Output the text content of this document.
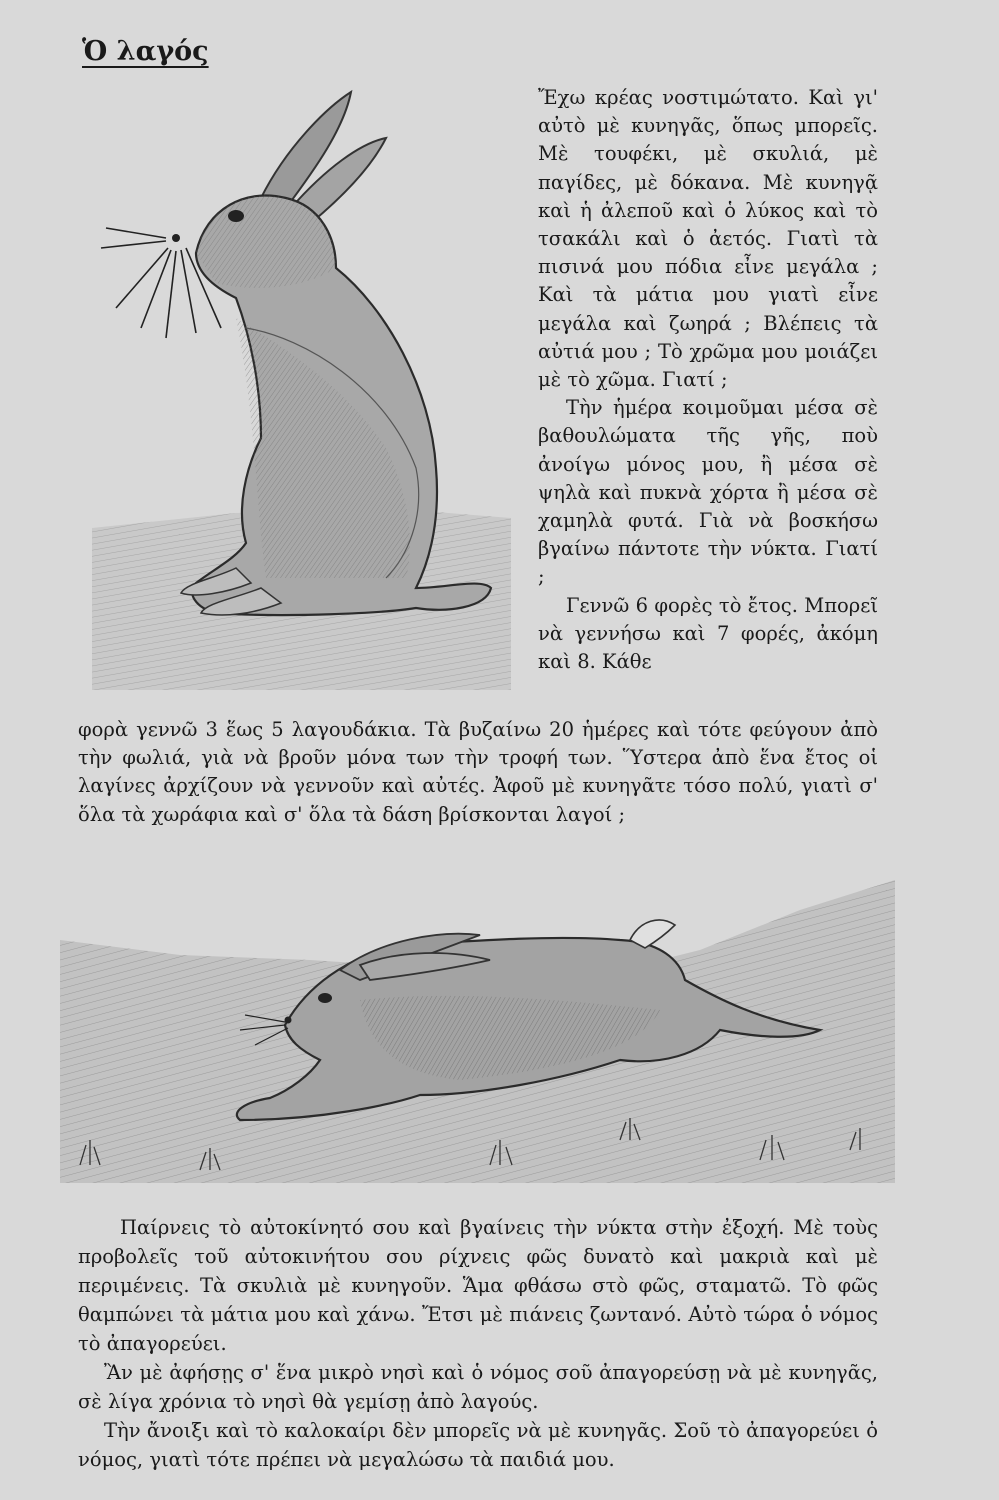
Ὁ λαγός

Ἔχω κρέας νοστιμώτατο. Καὶ γι' αὐτὸ μὲ κυνηγᾶς, ὅπως μπορεῖς. Μὲ τουφέκι, μὲ σκυλιά, μὲ παγίδες, μὲ δόκανα. Μὲ κυνηγᾷ καὶ ἡ ἀλεποῦ καὶ ὁ λύκος καὶ τὸ τσακάλι καὶ ὁ ἀετός. Γιατὶ τὰ πισινά μου πόδια εἶνε μεγάλα ; Καὶ τὰ μάτια μου γιατὶ εἶνε μεγάλα καὶ ζωηρά ; Βλέπεις τὰ αὐτιά μου ; Τὸ χρῶμα μου μοιάζει μὲ τὸ χῶμα. Γιατί ;

Τὴν ἡμέρα κοιμοῦμαι μέσα σὲ βαθουλώματα τῆς γῆς, ποὺ ἀνοίγω μόνος μου, ἢ μέσα σὲ ψηλὰ καὶ πυκνὰ χόρτα ἢ μέσα σὲ χαμηλὰ φυτά. Γιὰ νὰ βοσκήσω βγαίνω πάντοτε τὴν νύκτα. Γιατί ;

Γεννῶ 6 φορὲς τὸ ἔτος. Μπορεῖ νὰ γεννήσω καὶ 7 φορές, ἀκόμη καὶ 8. Κάθε

φορὰ γεννῶ 3 ἕως 5 λαγουδάκια. Τὰ βυζαίνω 20 ἡμέρες καὶ τότε φεύγουν ἀπὸ τὴν φωλιά, γιὰ νὰ βροῦν μόνα των τὴν τροφή των. Ὕστερα ἀπὸ ἕνα ἔτος οἱ λαγίνες ἀρχίζουν νὰ γεννοῦν καὶ αὐτές. Ἀφοῦ μὲ κυνηγᾶτε τόσο πολύ, γιατὶ σ' ὅλα τὰ χωράφια καὶ σ' ὅλα τὰ δάση βρίσκονται λαγοί ;

Παίρνεις τὸ αὐτοκίνητό σου καὶ βγαίνεις τὴν νύκτα στὴν ἐξοχή. Μὲ τοὺς προβολεῖς τοῦ αὐτοκινήτου σου ρίχνεις φῶς δυνατὸ καὶ μακριὰ καὶ μὲ περιμένεις. Τὰ σκυλιὰ μὲ κυνηγοῦν. Ἅμα φθάσω στὸ φῶς, σταματῶ. Τὸ φῶς θαμπώνει τὰ μάτια μου καὶ χάνω. Ἔτσι μὲ πιάνεις ζωντανό. Αὐτὸ τώρα ὁ νόμος τὸ ἀπαγορεύει.

Ἂν μὲ ἀφήσῃς σ' ἕνα μικρὸ νησὶ καὶ ὁ νόμος σοῦ ἀπαγορεύσῃ νὰ μὲ κυνηγᾶς, σὲ λίγα χρόνια τὸ νησὶ θὰ γεμίσῃ ἀπὸ λαγούς.

Τὴν ἄνοιξι καὶ τὸ καλοκαίρι δὲν μπορεῖς νὰ μὲ κυνηγᾶς. Σοῦ τὸ ἀπαγορεύει ὁ νόμος, γιατὶ τότε πρέπει νὰ μεγαλώσω τὰ παιδιά μου.
